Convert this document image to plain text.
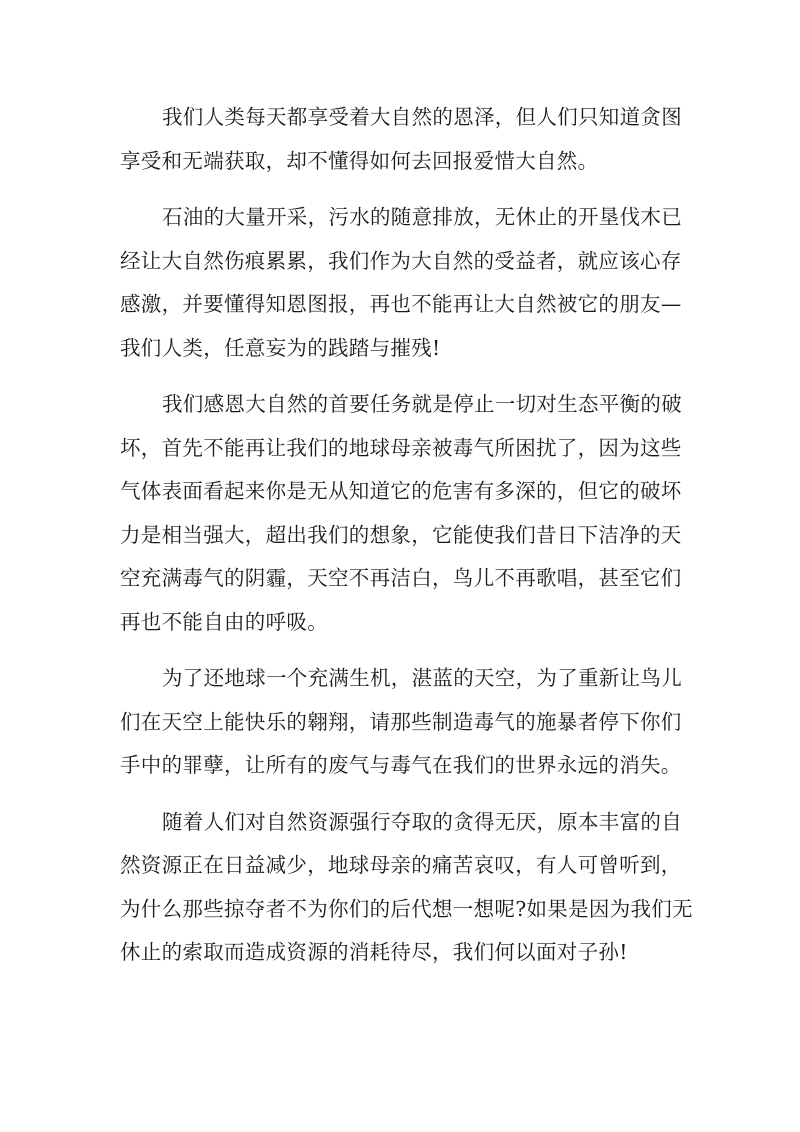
我们人类每天都享受着大自然的恩泽，但人们只知道贪图
享受和无端获取，却不懂得如何去回报爱惜大自然。

石油的大量开采，污水的随意排放，无休止的开垦伐木已
经让大自然伤痕累累，我们作为大自然的受益者，就应该心存
感激，并要懂得知恩图报，再也不能再让大自然被它的朋友—
我们人类，任意妄为的践踏与摧残!

我们感恩大自然的首要任务就是停止一切对生态平衡的破
坏，首先不能再让我们的地球母亲被毒气所困扰了，因为这些
气体表面看起来你是无从知道它的危害有多深的，但它的破坏
力是相当强大，超出我们的想象，它能使我们昔日下洁净的天
空充满毒气的阴霾，天空不再洁白，鸟儿不再歌唱，甚至它们
再也不能自由的呼吸。

为了还地球一个充满生机，湛蓝的天空，为了重新让鸟儿
们在天空上能快乐的翱翔，请那些制造毒气的施暴者停下你们
手中的罪孽，让所有的废气与毒气在我们的世界永远的消失。

随着人们对自然资源强行夺取的贪得无厌，原本丰富的自
然资源正在日益减少，地球母亲的痛苦哀叹，有人可曾听到，
为什么那些掠夺者不为你们的后代想一想呢?如果是因为我们无
休止的索取而造成资源的消耗待尽，我们何以面对子孙!
